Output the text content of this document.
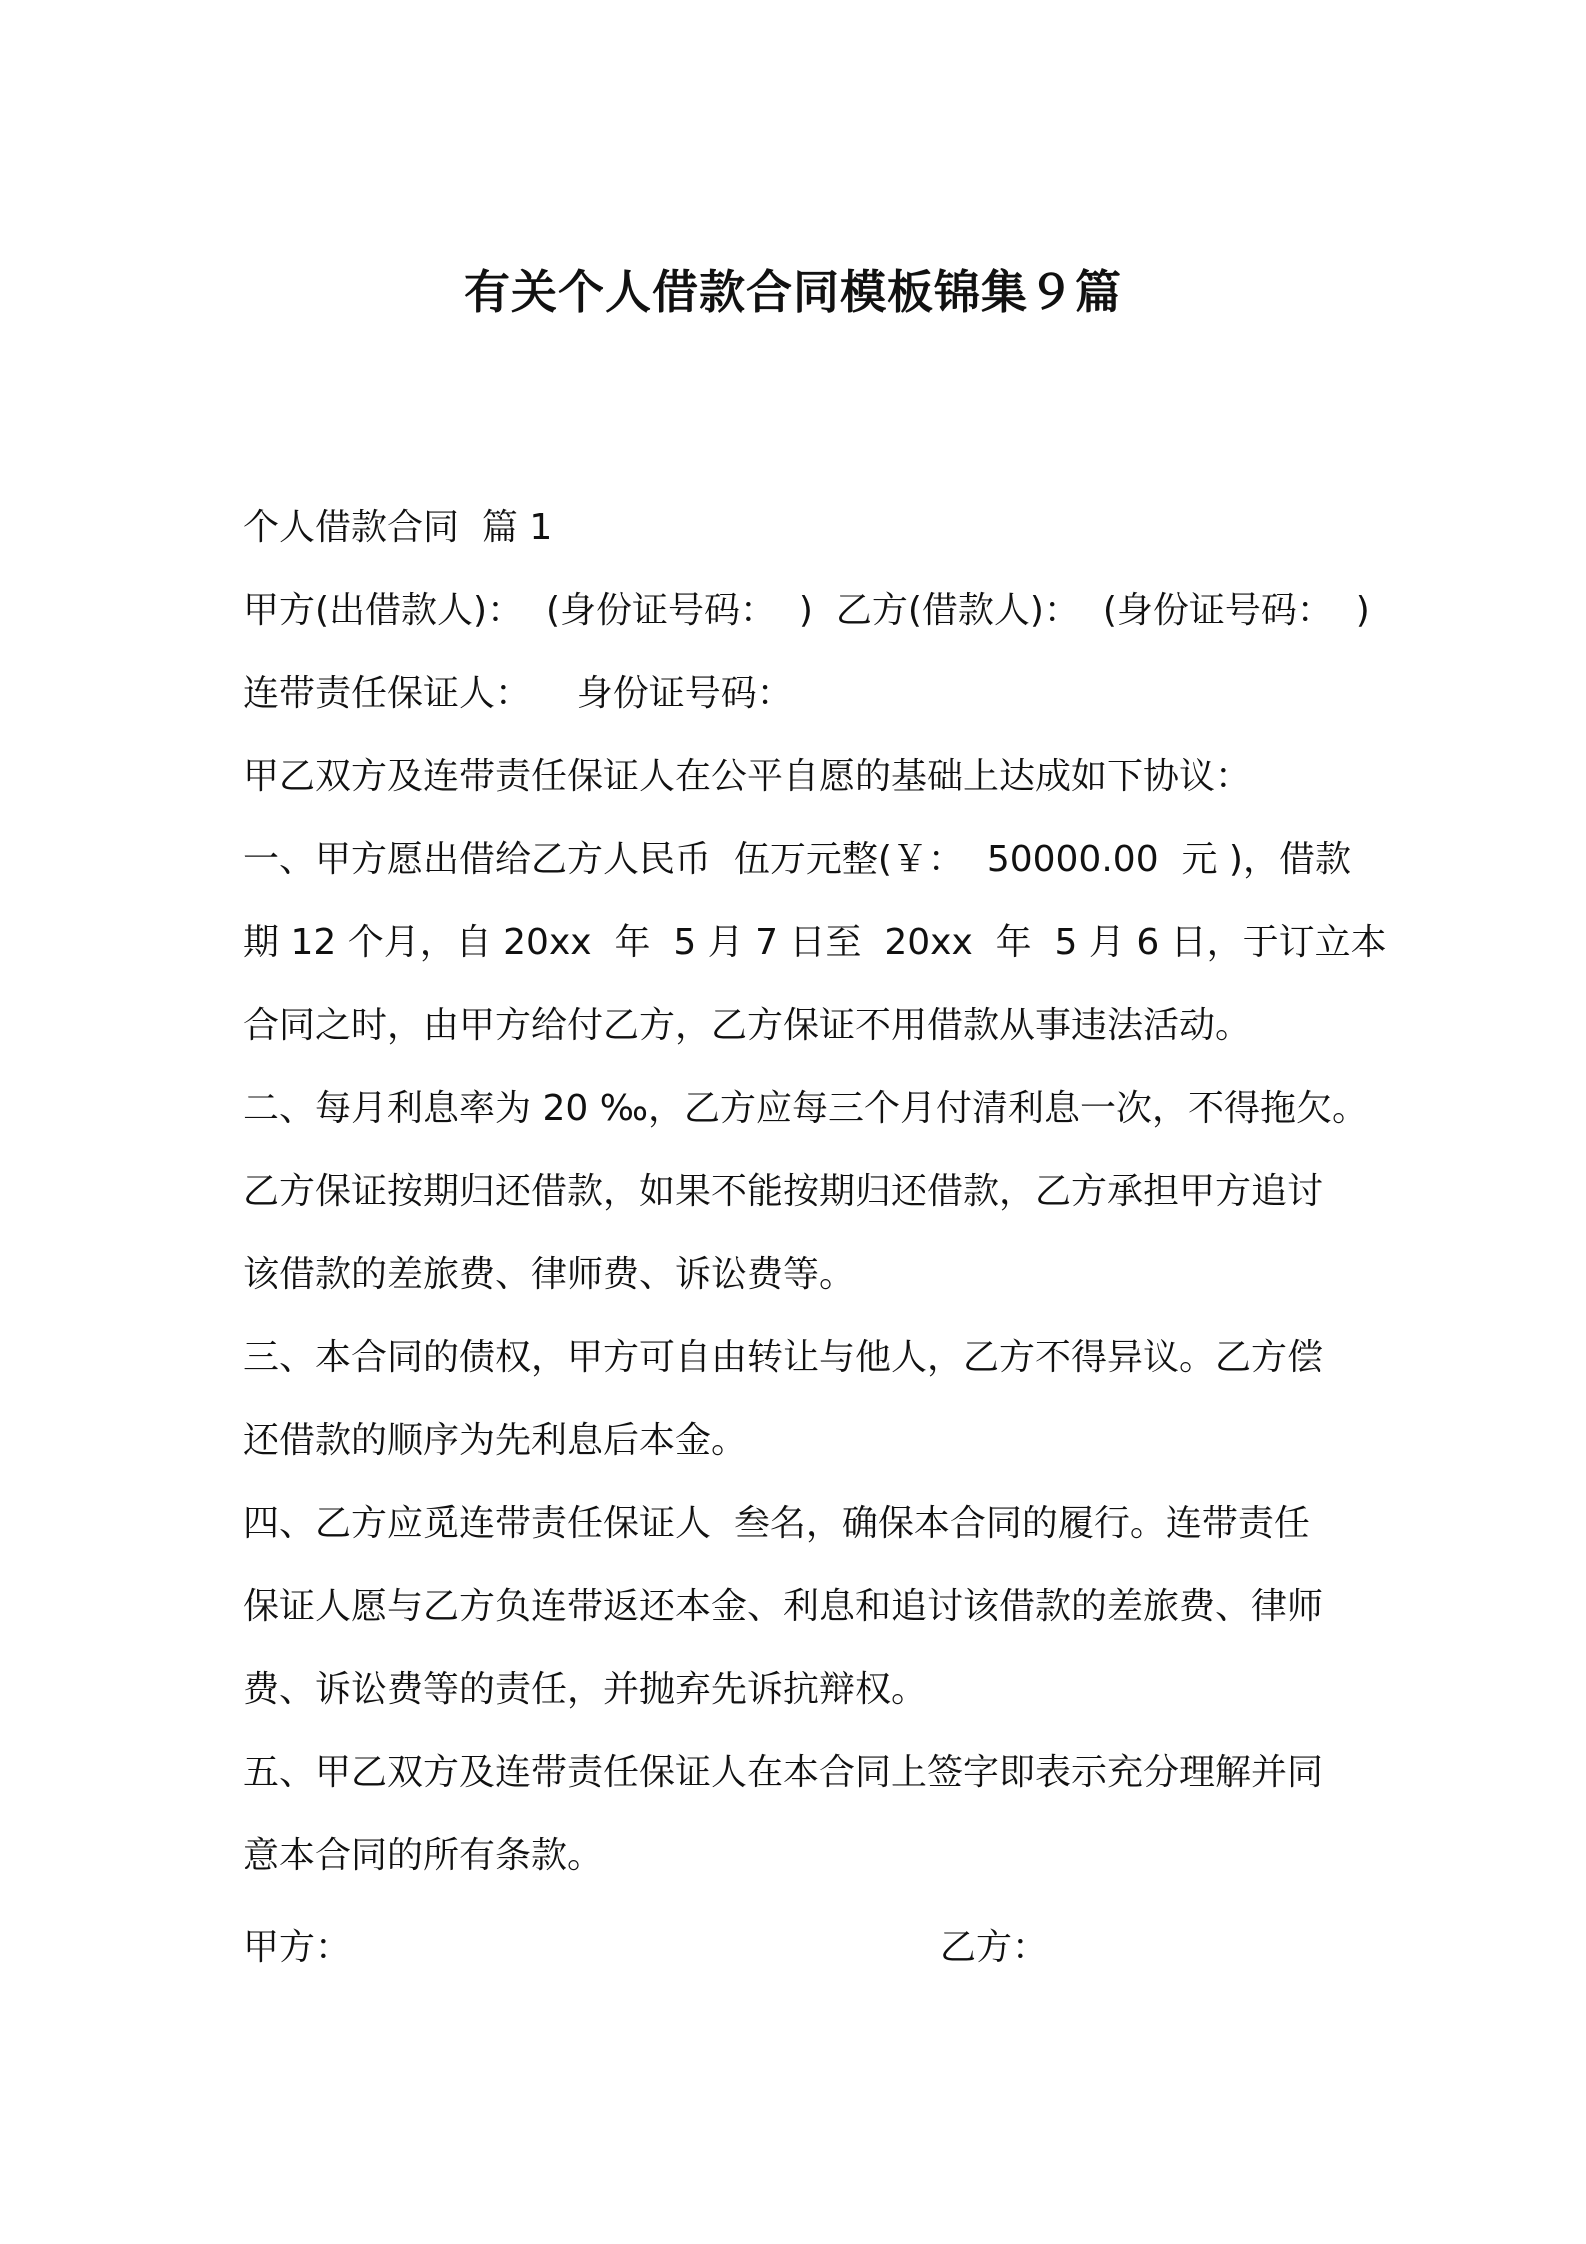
有关个人借款合同模板锦集９篇

个人借款合同  篇 1

甲方(出借款人)：  (身份证号码：  )  乙方(借款人)：  (身份证号码：  )

连带责任保证人：    身份证号码：

甲乙双方及连带责任保证人在公平自愿的基础上达成如下协议：

一、甲方愿出借给乙方人民币  伍万元整(￥：  50000.00  元 )，借款

期 12 个月，自 20xx  年  5 月 7 日至  20xx  年  5 月 6 日，于订立本

合同之时，由甲方给付乙方，乙方保证不用借款从事违法活动。

二、每月利息率为 20 ‰，乙方应每三个月付清利息一次，不得拖欠。

乙方保证按期归还借款，如果不能按期归还借款，乙方承担甲方追讨

该借款的差旅费、律师费、诉讼费等。

三、本合同的债权，甲方可自由转让与他人，乙方不得异议。乙方偿

还借款的顺序为先利息后本金。

四、乙方应觅连带责任保证人  叁名，确保本合同的履行。连带责任

保证人愿与乙方负连带返还本金、利息和追讨该借款的差旅费、律师

费、诉讼费等的责任，并抛弃先诉抗辩权。

五、甲乙双方及连带责任保证人在本合同上签字即表示充分理解并同

意本合同的所有条款。

甲方：	乙方：
